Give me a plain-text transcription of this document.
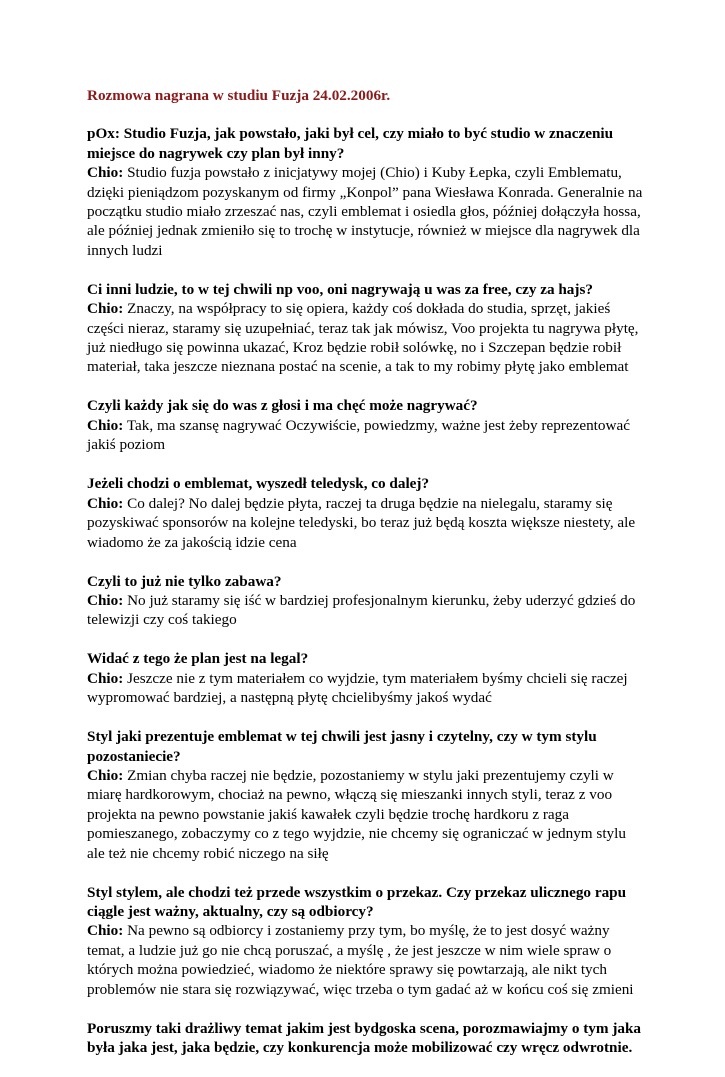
Rozmowa nagrana w studiu Fuzja 24.02.2006r.
pOx: Studio Fuzja, jak powstało, jaki był cel, czy miało to być studio w znaczeniu miejsce do nagrywek czy plan był inny?
Chio: Studio fuzja powstało z inicjatywy mojej (Chio) i Kuby Łepka, czyli Emblematu, dzięki pieniądzom pozyskanym od firmy „Konpol” pana Wiesława Konrada. Generalnie na początku studio miało zrzeszać nas, czyli emblemat i osiedla głos, później dołączyła hossa, ale później jednak zmieniło się to trochę w instytucje, również w miejsce dla nagrywek dla innych ludzi
Ci inni ludzie, to w tej chwili np voo, oni nagrywają u was za free, czy za hajs?
Chio: Znaczy, na współpracy to się opiera, każdy coś dokłada do studia, sprzęt, jakieś części nieraz, staramy się uzupełniać, teraz tak jak mówisz, Voo projekta tu nagrywa płytę, już niedługo się powinna ukazać, Kroz będzie robił solówkę, no i Szczepan będzie robił materiał, taka jeszcze nieznana postać na scenie, a tak to my robimy płytę jako emblemat
Czyli każdy jak się do was z głosi i ma chęć może nagrywać?
Chio: Tak, ma szansę nagrywać Oczywiście, powiedzmy, ważne jest żeby reprezentować jakiś poziom
Jeżeli chodzi o emblemat, wyszedł teledysk, co dalej?
Chio: Co dalej? No dalej będzie płyta, raczej ta druga będzie na nielegalu, staramy się pozyskiwać sponsorów na kolejne teledyski, bo teraz już będą koszta większe niestety, ale wiadomo że za jakością idzie cena
Czyli to już nie tylko zabawa?
Chio: No już staramy się iść w bardziej profesjonalnym kierunku, żeby uderzyć gdzieś do telewizji czy coś takiego
Widać z tego że plan jest na legal?
Chio: Jeszcze nie z tym materiałem co wyjdzie, tym materiałem byśmy chcieli się raczej wypromować bardziej, a następną płytę chcielibyśmy jakoś wydać
Styl jaki prezentuje emblemat w tej chwili jest jasny i czytelny, czy w tym stylu pozostaniecie?
Chio: Zmian chyba raczej nie będzie, pozostaniemy w stylu jaki prezentujemy czyli w miarę hardkorowym, chociaż na pewno, włączą się mieszanki innych styli, teraz z voo projekta na pewno powstanie jakiś kawałek czyli będzie trochę hardkoru z raga pomieszanego, zobaczymy co z tego wyjdzie, nie chcemy się ograniczać w jednym stylu ale też nie chcemy robić niczego na siłę
Styl stylem, ale chodzi też przede wszystkim o przekaz. Czy przekaz ulicznego rapu ciągle jest ważny, aktualny, czy są odbiorcy?
Chio: Na pewno są odbiorcy i zostaniemy przy tym, bo myślę, że to jest dosyć ważny temat, a ludzie już go nie chcą poruszać, a myślę , że jest jeszcze w nim wiele spraw o których można powiedzieć, wiadomo że niektóre sprawy się powtarzają, ale nikt tych problemów nie stara się rozwiązywać, więc trzeba o tym gadać aż w końcu coś się zmieni
Poruszmy taki drażliwy temat jakim jest bydgoska scena, porozmawiajmy o tym jaka była jaka jest, jaka będzie, czy konkurencja może mobilizować czy wręcz odwrotnie.
